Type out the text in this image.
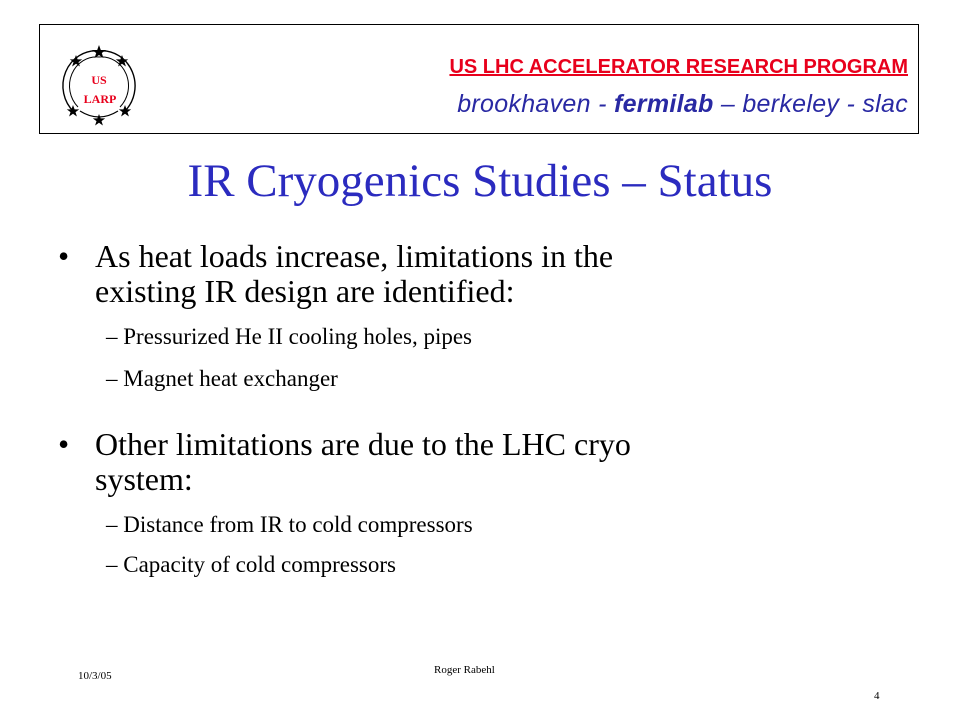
US
LARP
US LHC ACCELERATOR RESEARCH PROGRAM
brookhaven - fermilab – berkeley - slac
IR Cryogenics Studies – Status
• As heat loads increase, limitations in the
existing IR design are identified:
– Pressurized He II cooling holes, pipes
– Magnet heat exchanger
• Other limitations are due to the LHC cryo
system:
– Distance from IR to cold compressors
– Capacity of cold compressors
10/3/05	Roger Rabehl
4
